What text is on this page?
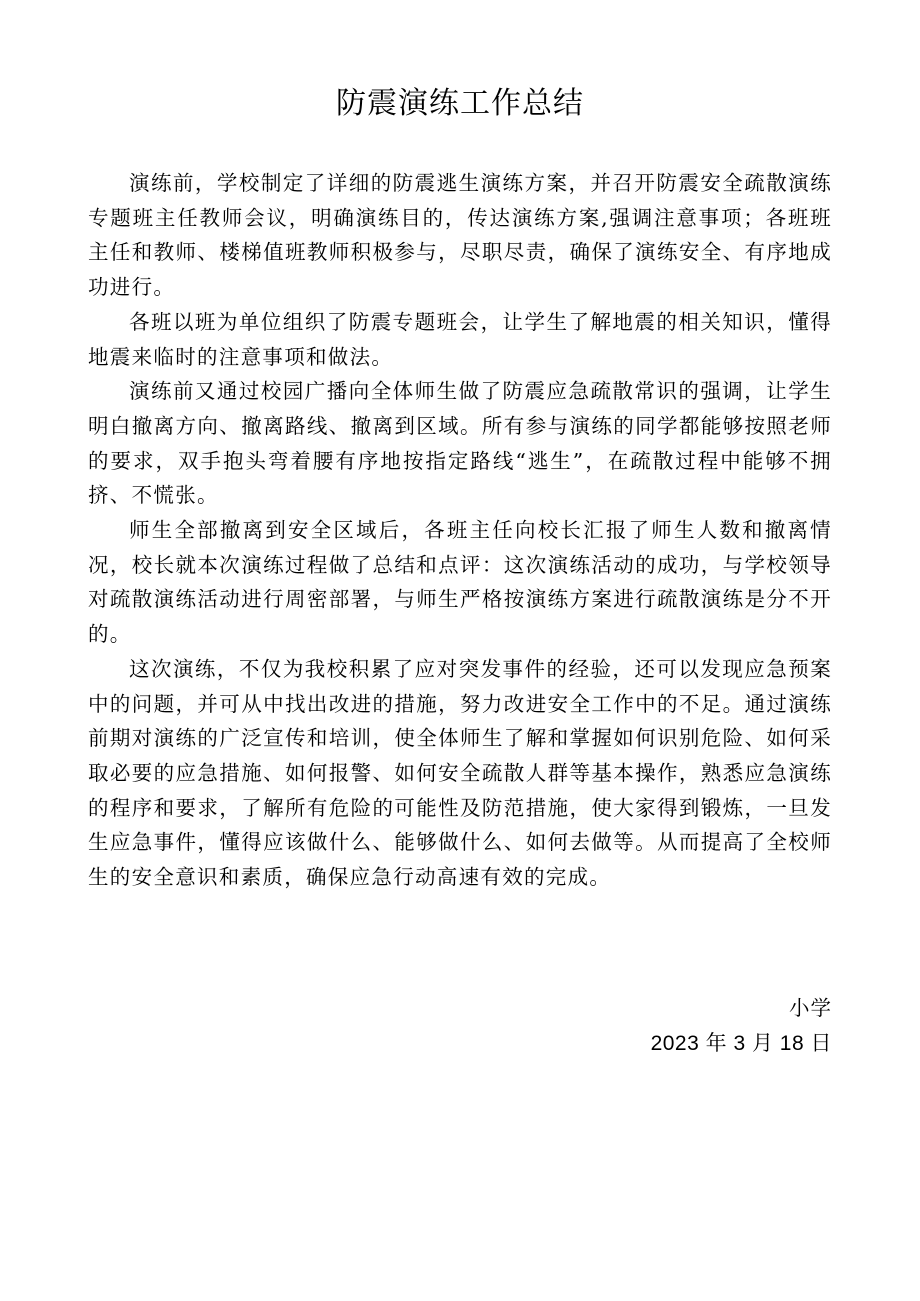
防震演练工作总结

演练前，学校制定了详细的防震逃生演练方案，并召开防震安全疏散演练专题班主任教师会议，明确演练目的，传达演练方案,强调注意事项；各班班主任和教师、楼梯值班教师积极参与，尽职尽责，确保了演练安全、有序地成功进行。

各班以班为单位组织了防震专题班会，让学生了解地震的相关知识，懂得地震来临时的注意事项和做法。

演练前又通过校园广播向全体师生做了防震应急疏散常识的强调，让学生明白撤离方向、撤离路线、撤离到区域。所有参与演练的同学都能够按照老师的要求，双手抱头弯着腰有序地按指定路线“逃生”，在疏散过程中能够不拥挤、不慌张。

师生全部撤离到安全区域后，各班主任向校长汇报了师生人数和撤离情况，校长就本次演练过程做了总结和点评：这次演练活动的成功，与学校领导对疏散演练活动进行周密部署，与师生严格按演练方案进行疏散演练是分不开的。

这次演练，不仅为我校积累了应对突发事件的经验，还可以发现应急预案中的问题，并可从中找出改进的措施，努力改进安全工作中的不足。通过演练前期对演练的广泛宣传和培训，使全体师生了解和掌握如何识别危险、如何采取必要的应急措施、如何报警、如何安全疏散人群等基本操作，熟悉应急演练的程序和要求，了解所有危险的可能性及防范措施，使大家得到锻炼，一旦发生应急事件，懂得应该做什么、能够做什么、如何去做等。从而提高了全校师生的安全意识和素质，确保应急行动高速有效的完成。

小学

2023 年 3 月 18 日
